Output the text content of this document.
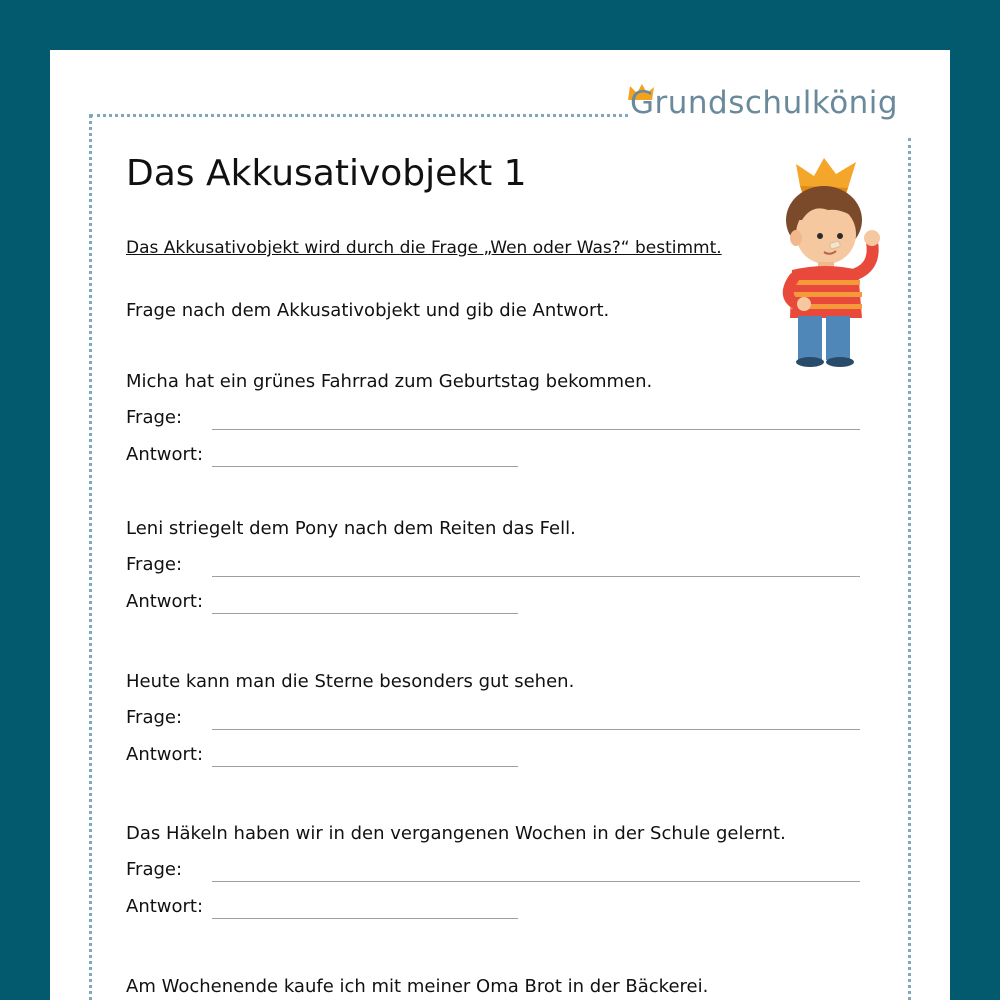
Grundschulkönig
Das Akkusativobjekt 1
Das Akkusativobjekt wird durch die Frage „Wen oder Was?“ bestimmt.
Frage nach dem Akkusativobjekt und gib die Antwort.
Micha hat ein grünes Fahrrad zum Geburtstag bekommen.
Frage:
Antwort:
Leni striegelt dem Pony nach dem Reiten das Fell.
Frage:
Antwort:
Heute kann man die Sterne besonders gut sehen.
Frage:
Antwort:
Das Häkeln haben wir in den vergangenen Wochen in der Schule gelernt.
Frage:
Antwort:
Am Wochenende kaufe ich mit meiner Oma Brot in der Bäckerei.
